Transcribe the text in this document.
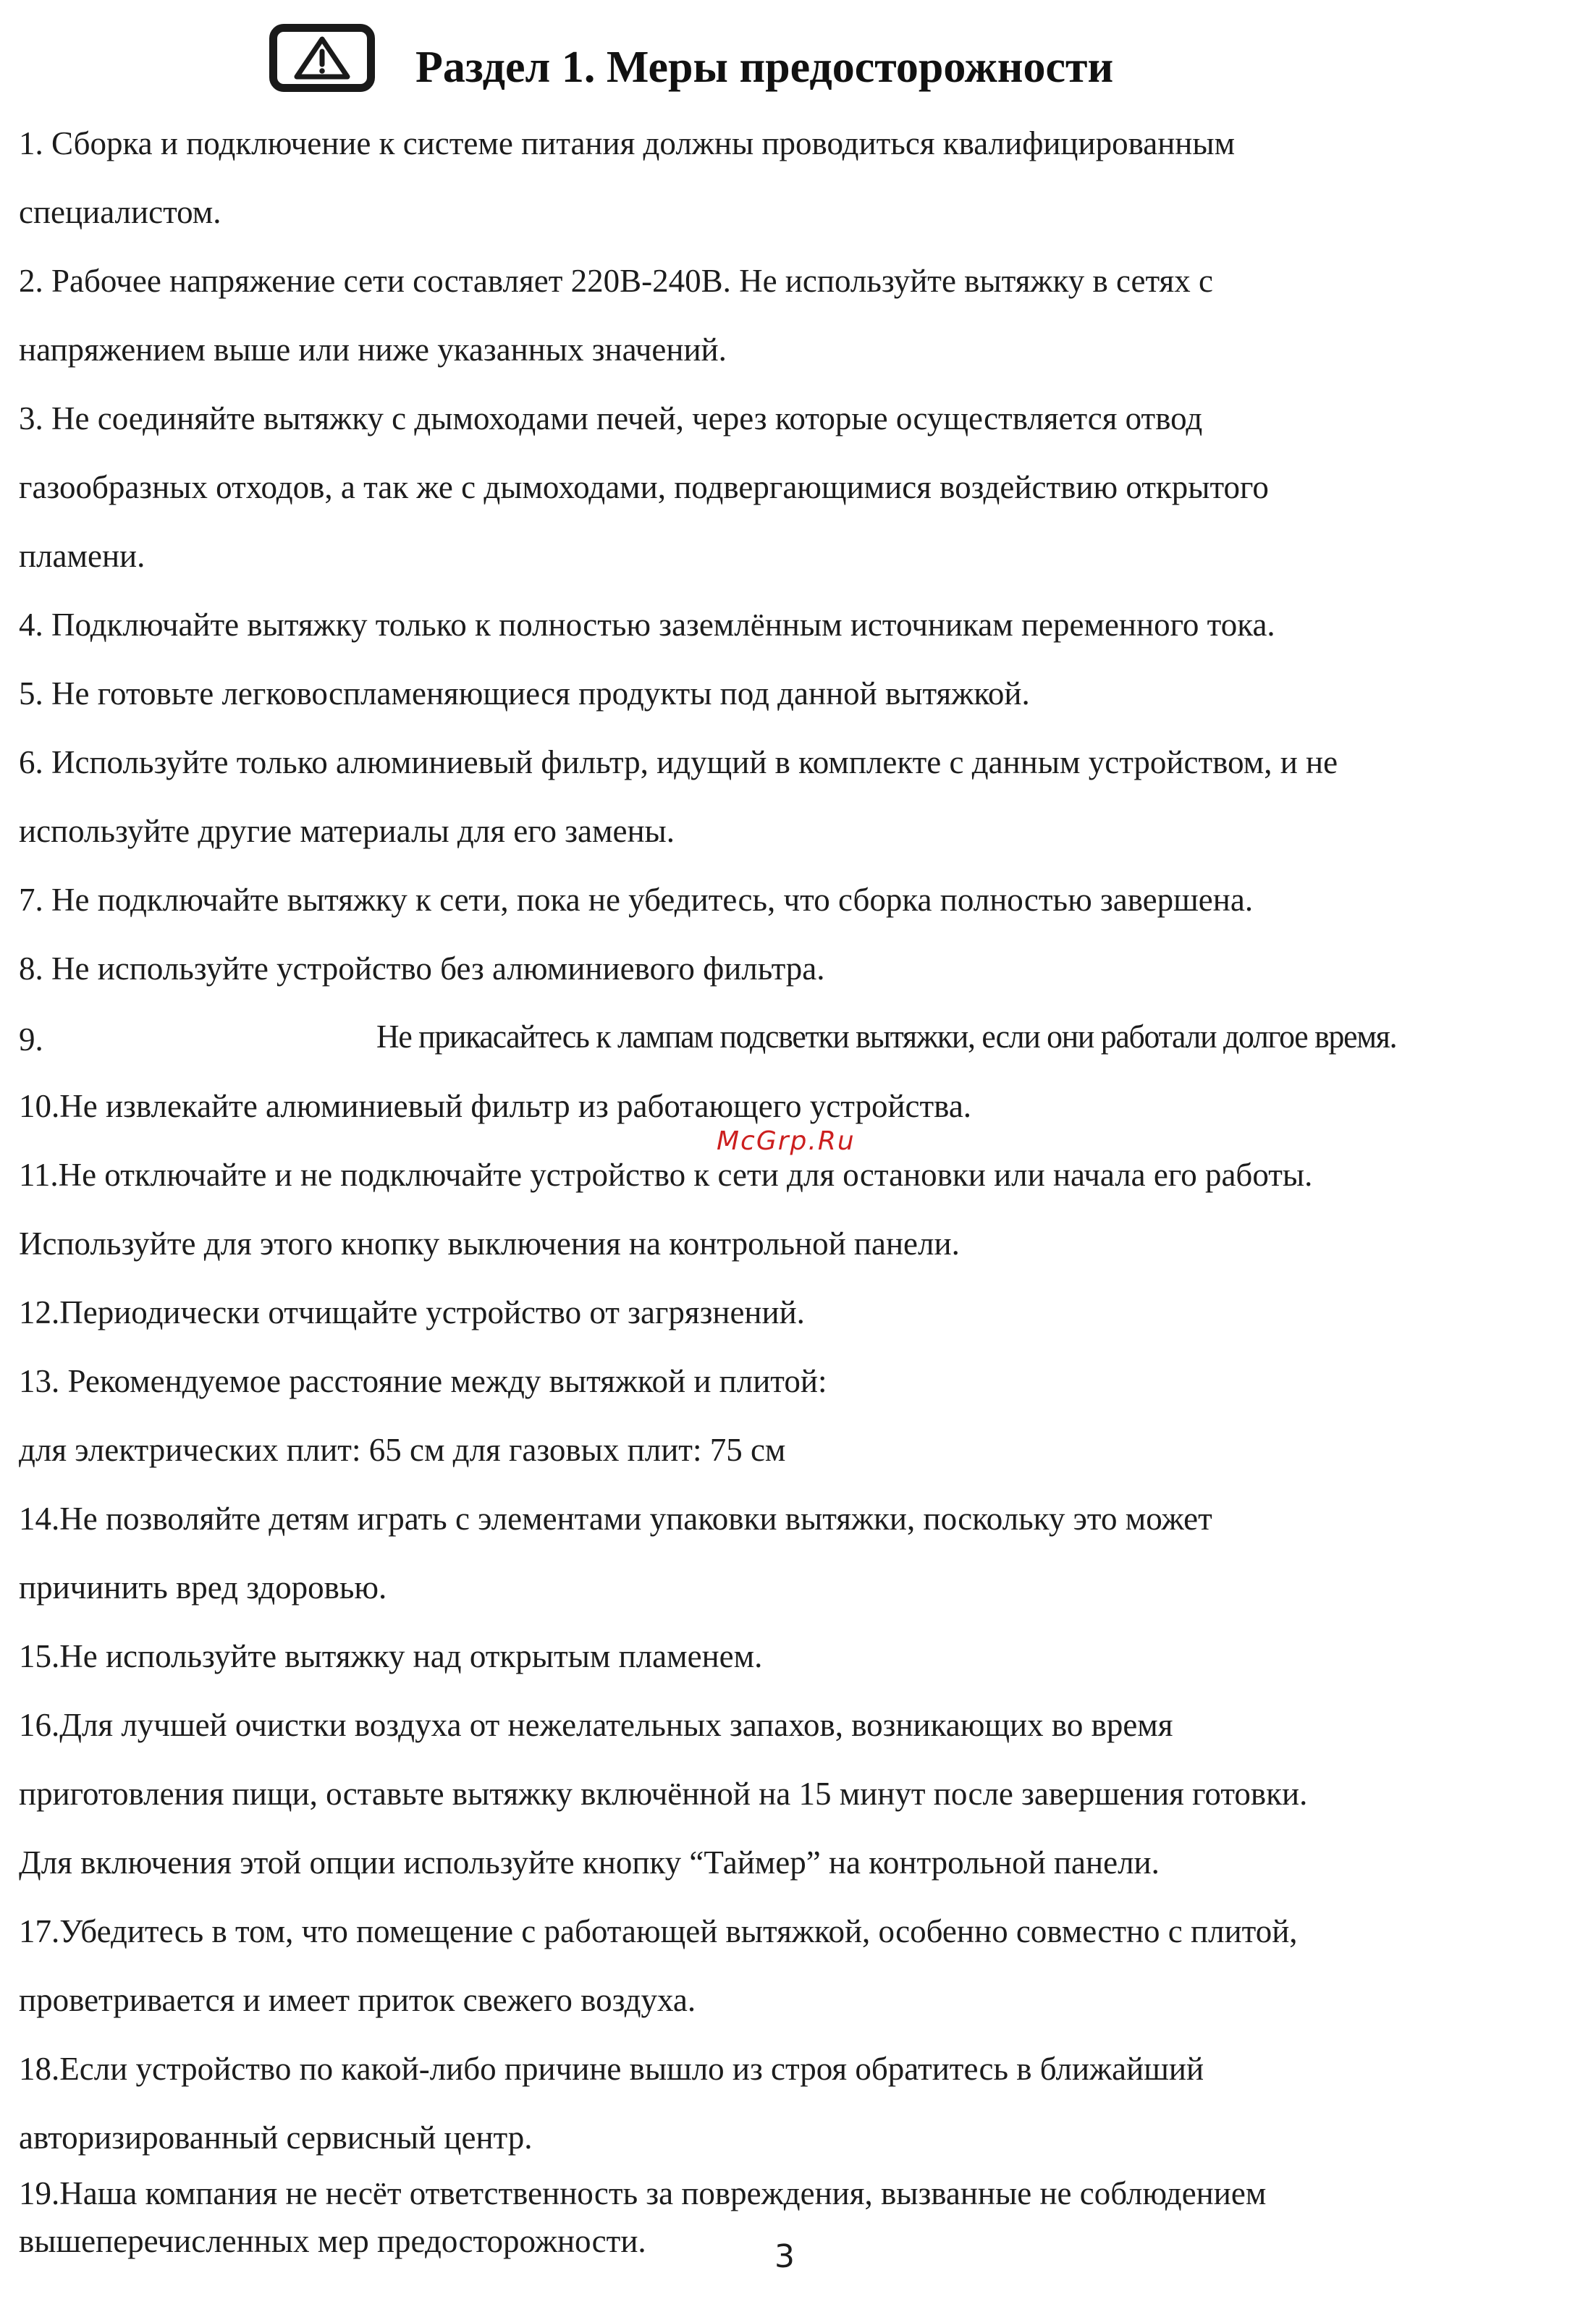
Раздел 1. Меры предосторожности
1. Сборка и подключение к системе питания должны проводиться квалифицированным
специалистом.
2. Рабочее напряжение сети составляет 220В-240В. Не используйте вытяжку в сетях с
напряжением выше или ниже указанных значений.
3. Не соединяйте вытяжку с дымоходами печей, через которые осуществляется отвод
газообразных отходов, а так же с дымоходами, подвергающимися воздействию открытого
пламени.
4. Подключайте вытяжку только к полностью заземлённым источникам переменного тока.
5. Не готовьте легковоспламеняющиеся продукты под данной вытяжкой.
6. Используйте только алюминиевый фильтр, идущий в комплекте с данным устройством, и не
используйте другие материалы для его замены.
7. Не подключайте вытяжку к сети, пока не убедитесь, что сборка полностью завершена.
8. Не используйте устройство без алюминиевого фильтра.
9.	Не прикасайтесь к лампам подсветки вытяжки, если они работали долгое время.
10.Не извлекайте алюминиевый фильтр из работающего устройства.
11.Не отключайте и не подключайте устройство к сети для остановки или начала его работы.
Используйте для этого кнопку выключения на контрольной панели.
12.Периодически отчищайте устройство от загрязнений.
13. Рекомендуемое расстояние между вытяжкой и плитой:
для электрических плит: 65 см для газовых плит: 75 см
14.Не позволяйте детям играть с элементами упаковки вытяжки, поскольку это может
причинить вред здоровью.
15.Не используйте вытяжку над открытым пламенем.
16.Для лучшей очистки воздуха от нежелательных запахов, возникающих во время
приготовления пищи, оставьте вытяжку включённой на 15 минут после завершения готовки.
Для включения этой опции используйте кнопку “Таймер” на контрольной панели.
17.Убедитесь в том, что помещение с работающей вытяжкой, особенно совместно с плитой,
проветривается и имеет приток свежего воздуха.
18.Если устройство по какой-либо причине вышло из строя обратитесь в ближайший
авторизированный сервисный центр.
19.Наша компания не несёт ответственность за повреждения, вызванные не соблюдением
вышеперечисленных мер предосторожности.
McGrp.Ru
3
